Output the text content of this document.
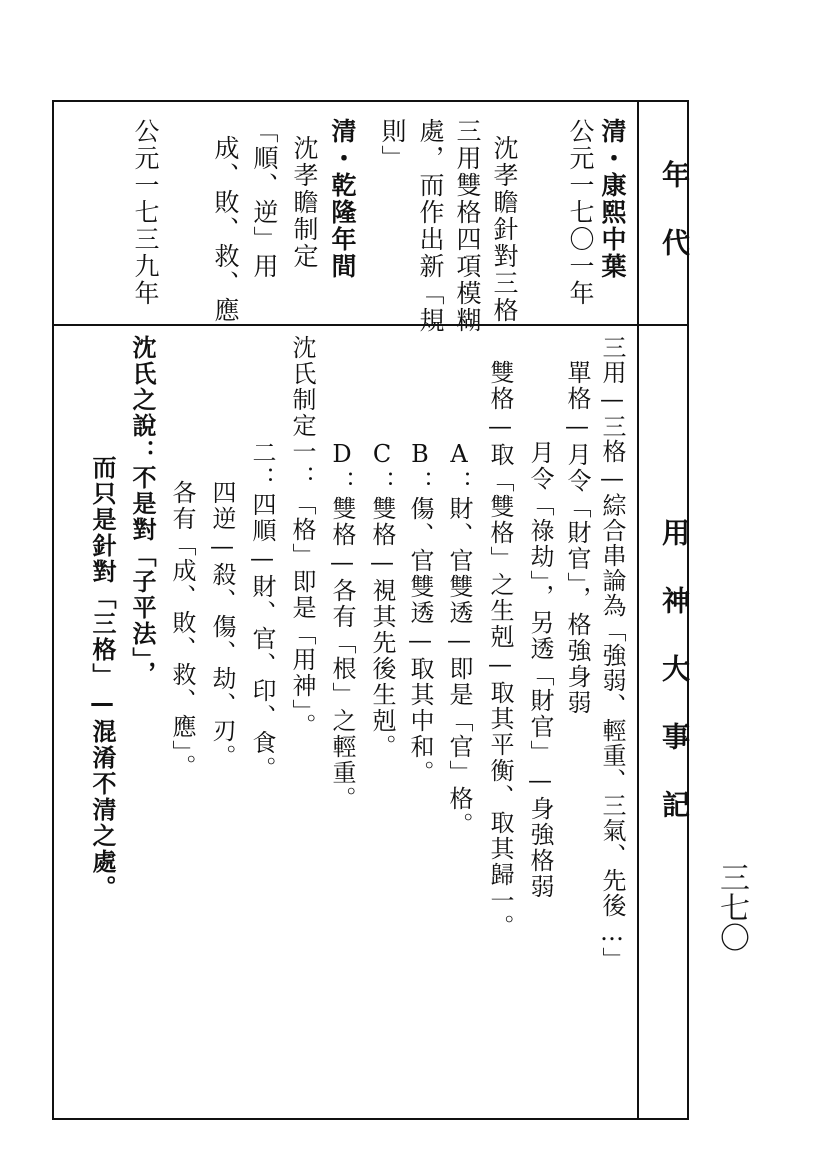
三七〇
年代
用神大事記
清・康熙中葉
公元一七〇一年
沈孝瞻針對三格
三用雙格四項模糊
處，而作出新「規
則」
清・乾隆年間
沈孝瞻制定
「順、逆」用
成、敗、救、應
公元一七三九年
三用—三格—綜合串論為「強弱、輕重、三氣、先後…」
單格—月令「財官」，格強身弱
月令「祿劫」，另透「財官」—身強格弱
雙格—取「雙格」之生剋—取其平衡、取其歸一。
A：財、官雙透—即是「官」格。
B：傷、官雙透—取其中和。
C：雙格—視其先後生剋。
D：雙格—各有「根」之輕重。
沈氏制定一：「格」即是「用神」。
二：四順—財、官、印、食。
四逆—殺、傷、劫、刃。
各有「成、敗、救、應」。
沈氏之說：不是對「子平法」，
而只是針對「三格」—混淆不清之處。
